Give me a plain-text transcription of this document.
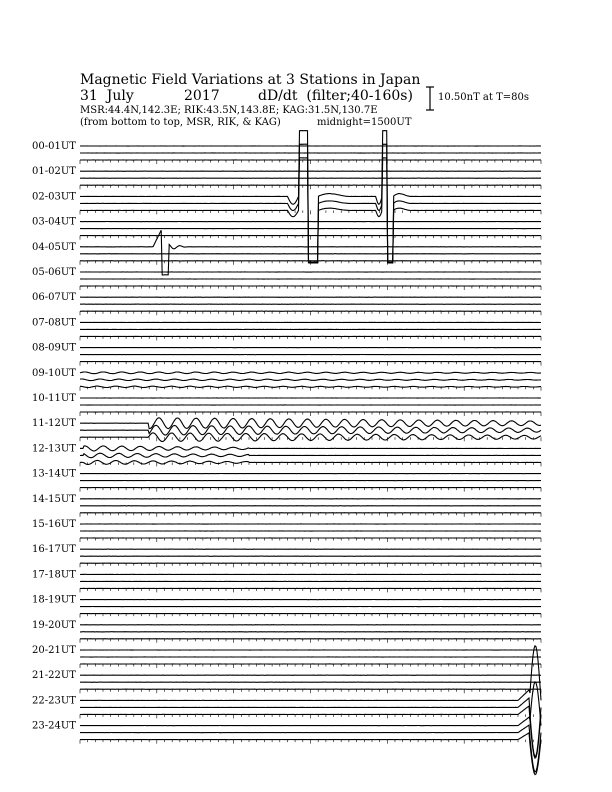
Magnetic Field Variations at 3 Stations in Japan
31  July	2017	dD/dt  (filter;40-160s)
MSR:44.4N,142.3E; RIK:43.5N,143.8E; KAG:31.5N,130.7E
(from bottom to top, MSR, RIK, & KAG)	midnight=1500UT
10.50nT at T=80s
00-01UT
01-02UT
02-03UT
03-04UT
04-05UT
05-06UT
06-07UT
07-08UT
08-09UT
09-10UT
10-11UT
11-12UT
12-13UT
13-14UT
14-15UT
15-16UT
16-17UT
17-18UT
18-19UT
19-20UT
20-21UT
21-22UT
22-23UT
23-24UT
